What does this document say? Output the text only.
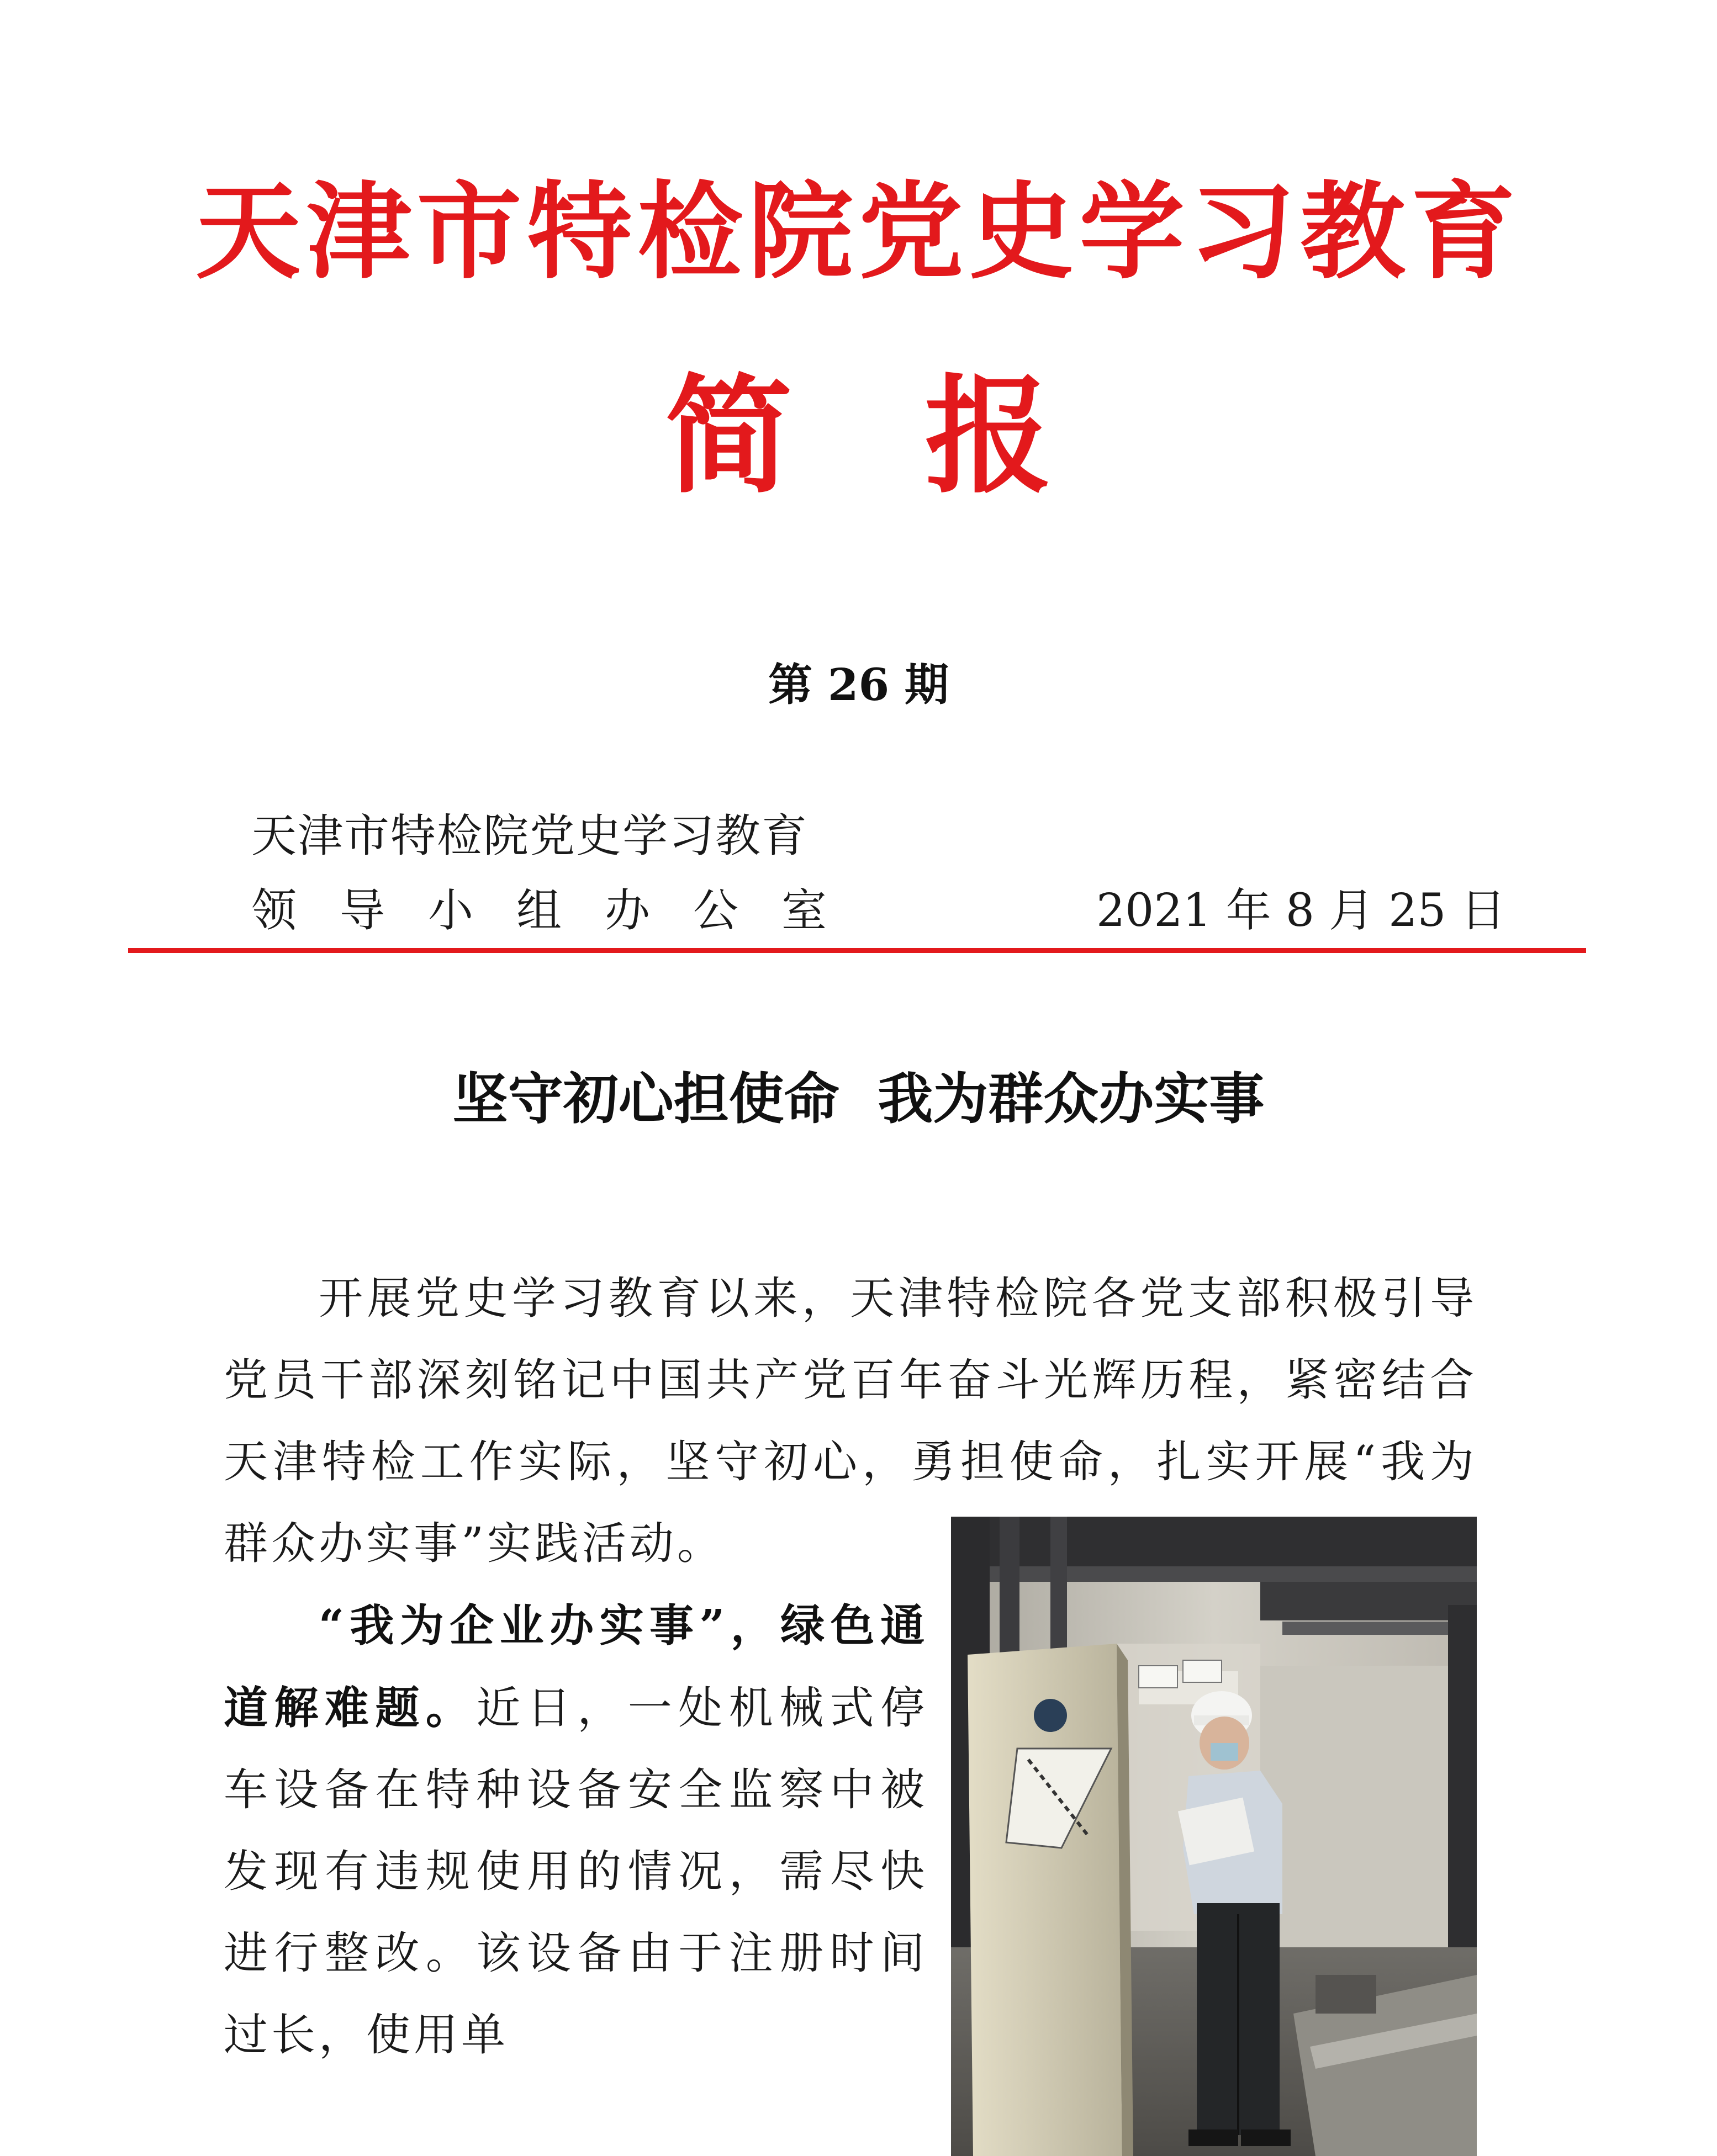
天津市特检院党史学习教育
简 报
第 26 期
天津市特检院党史学习教育
领导小组办公室	2021 年 8 月 25 日
坚守初心担使命  我为群众办实事
开展党史学习教育以来，天津特检院各党支部积极引导党员干部深刻铭记中国共产党百年奋斗光辉历程，紧密结合天津特检工作实际，坚守初心，勇担使命，扎实开展“我为群众办实事”实践活动。
“我为企业办实事”，绿色通道解难题。近日，一处机械式停车设备在特种设备安全监察中被发现有违规使用的情况，需尽快进行整改。该设备由于注册时间过长，使用单
